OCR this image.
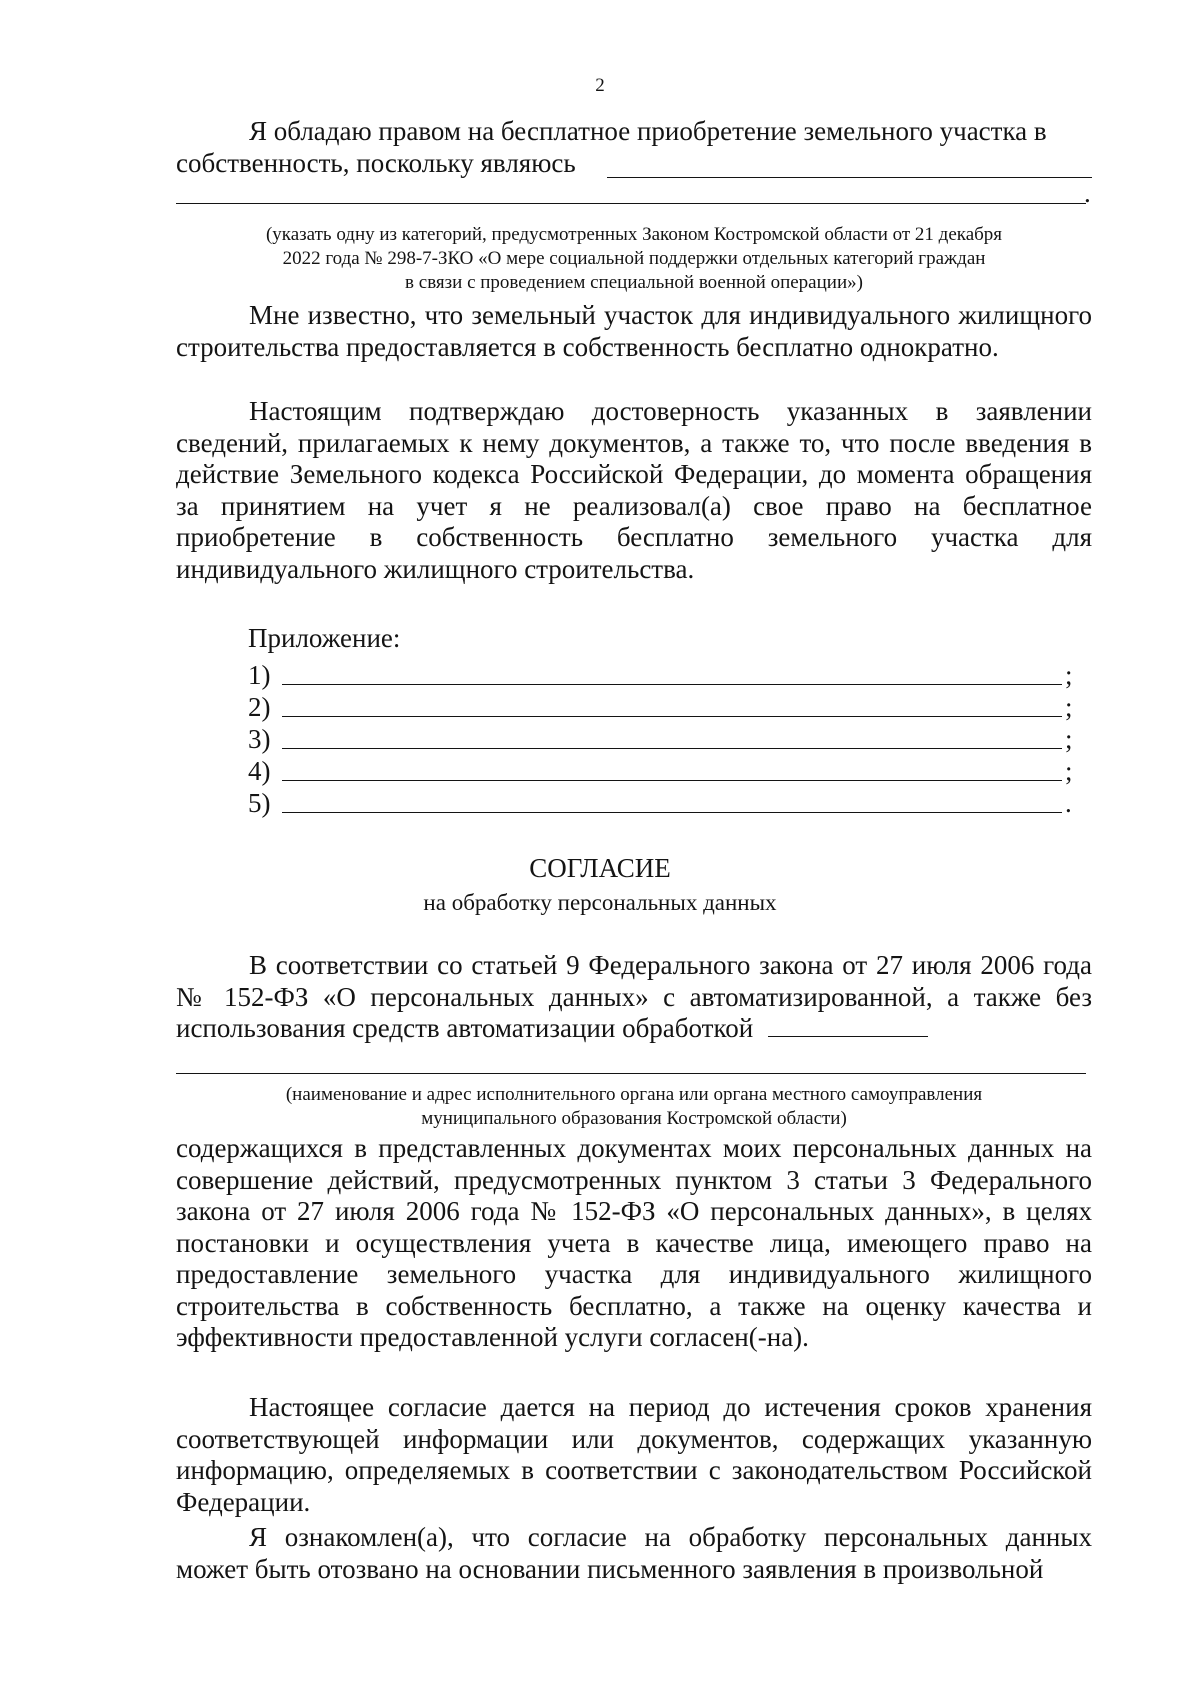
2
Я обладаю правом на бесплатное приобретение земельного участка в
собственность, поскольку являюсь
.
(указать одну из категорий, предусмотренных Законом Костромской области от 21 декабря
2022 года № 298-7-ЗКО «О мере социальной поддержки отдельных категорий граждан
в связи с проведением специальной военной операции»)
Мне известно, что земельный участок для индивидуального жилищного строительства предоставляется в собственность бесплатно однократно.
Настоящим подтверждаю достоверность указанных в заявлении сведений, прилагаемых к нему документов, а также то, что после введения в действие Земельного кодекса Российской Федерации, до момента обращения за принятием на учет я не реализовал(а) свое право на бесплатное приобретение в собственность бесплатно земельного участка для индивидуального жилищного строительства.
Приложение:
1)	;
2)	;
3)	;
4)	;
5)	.
СОГЛАСИЕ
на обработку персональных данных
В соответствии со статьей 9 Федерального закона от 27 июля 2006 года № 152-ФЗ «О персональных данных» с автоматизированной, а также без использования средств автоматизации обработкой
(наименование и адрес исполнительного органа или органа местного самоуправления
муниципального образования Костромской области)
содержащихся в представленных документах моих персональных данных на совершение действий, предусмотренных пунктом 3 статьи 3 Федерального закона от 27 июля 2006 года № 152-ФЗ «О персональных данных», в целях постановки и осуществления учета в качестве лица, имеющего право на предоставление земельного участка для индивидуального жилищного строительства в собственность бесплатно, а также на оценку качества и эффективности предоставленной услуги согласен(-на).
Настоящее согласие дается на период до истечения сроков хранения соответствующей информации или документов, содержащих указанную информацию, определяемых в соответствии с законодательством Российской Федерации.
Я ознакомлен(а), что согласие на обработку персональных данных может быть отозвано на основании письменного заявления в произвольной
